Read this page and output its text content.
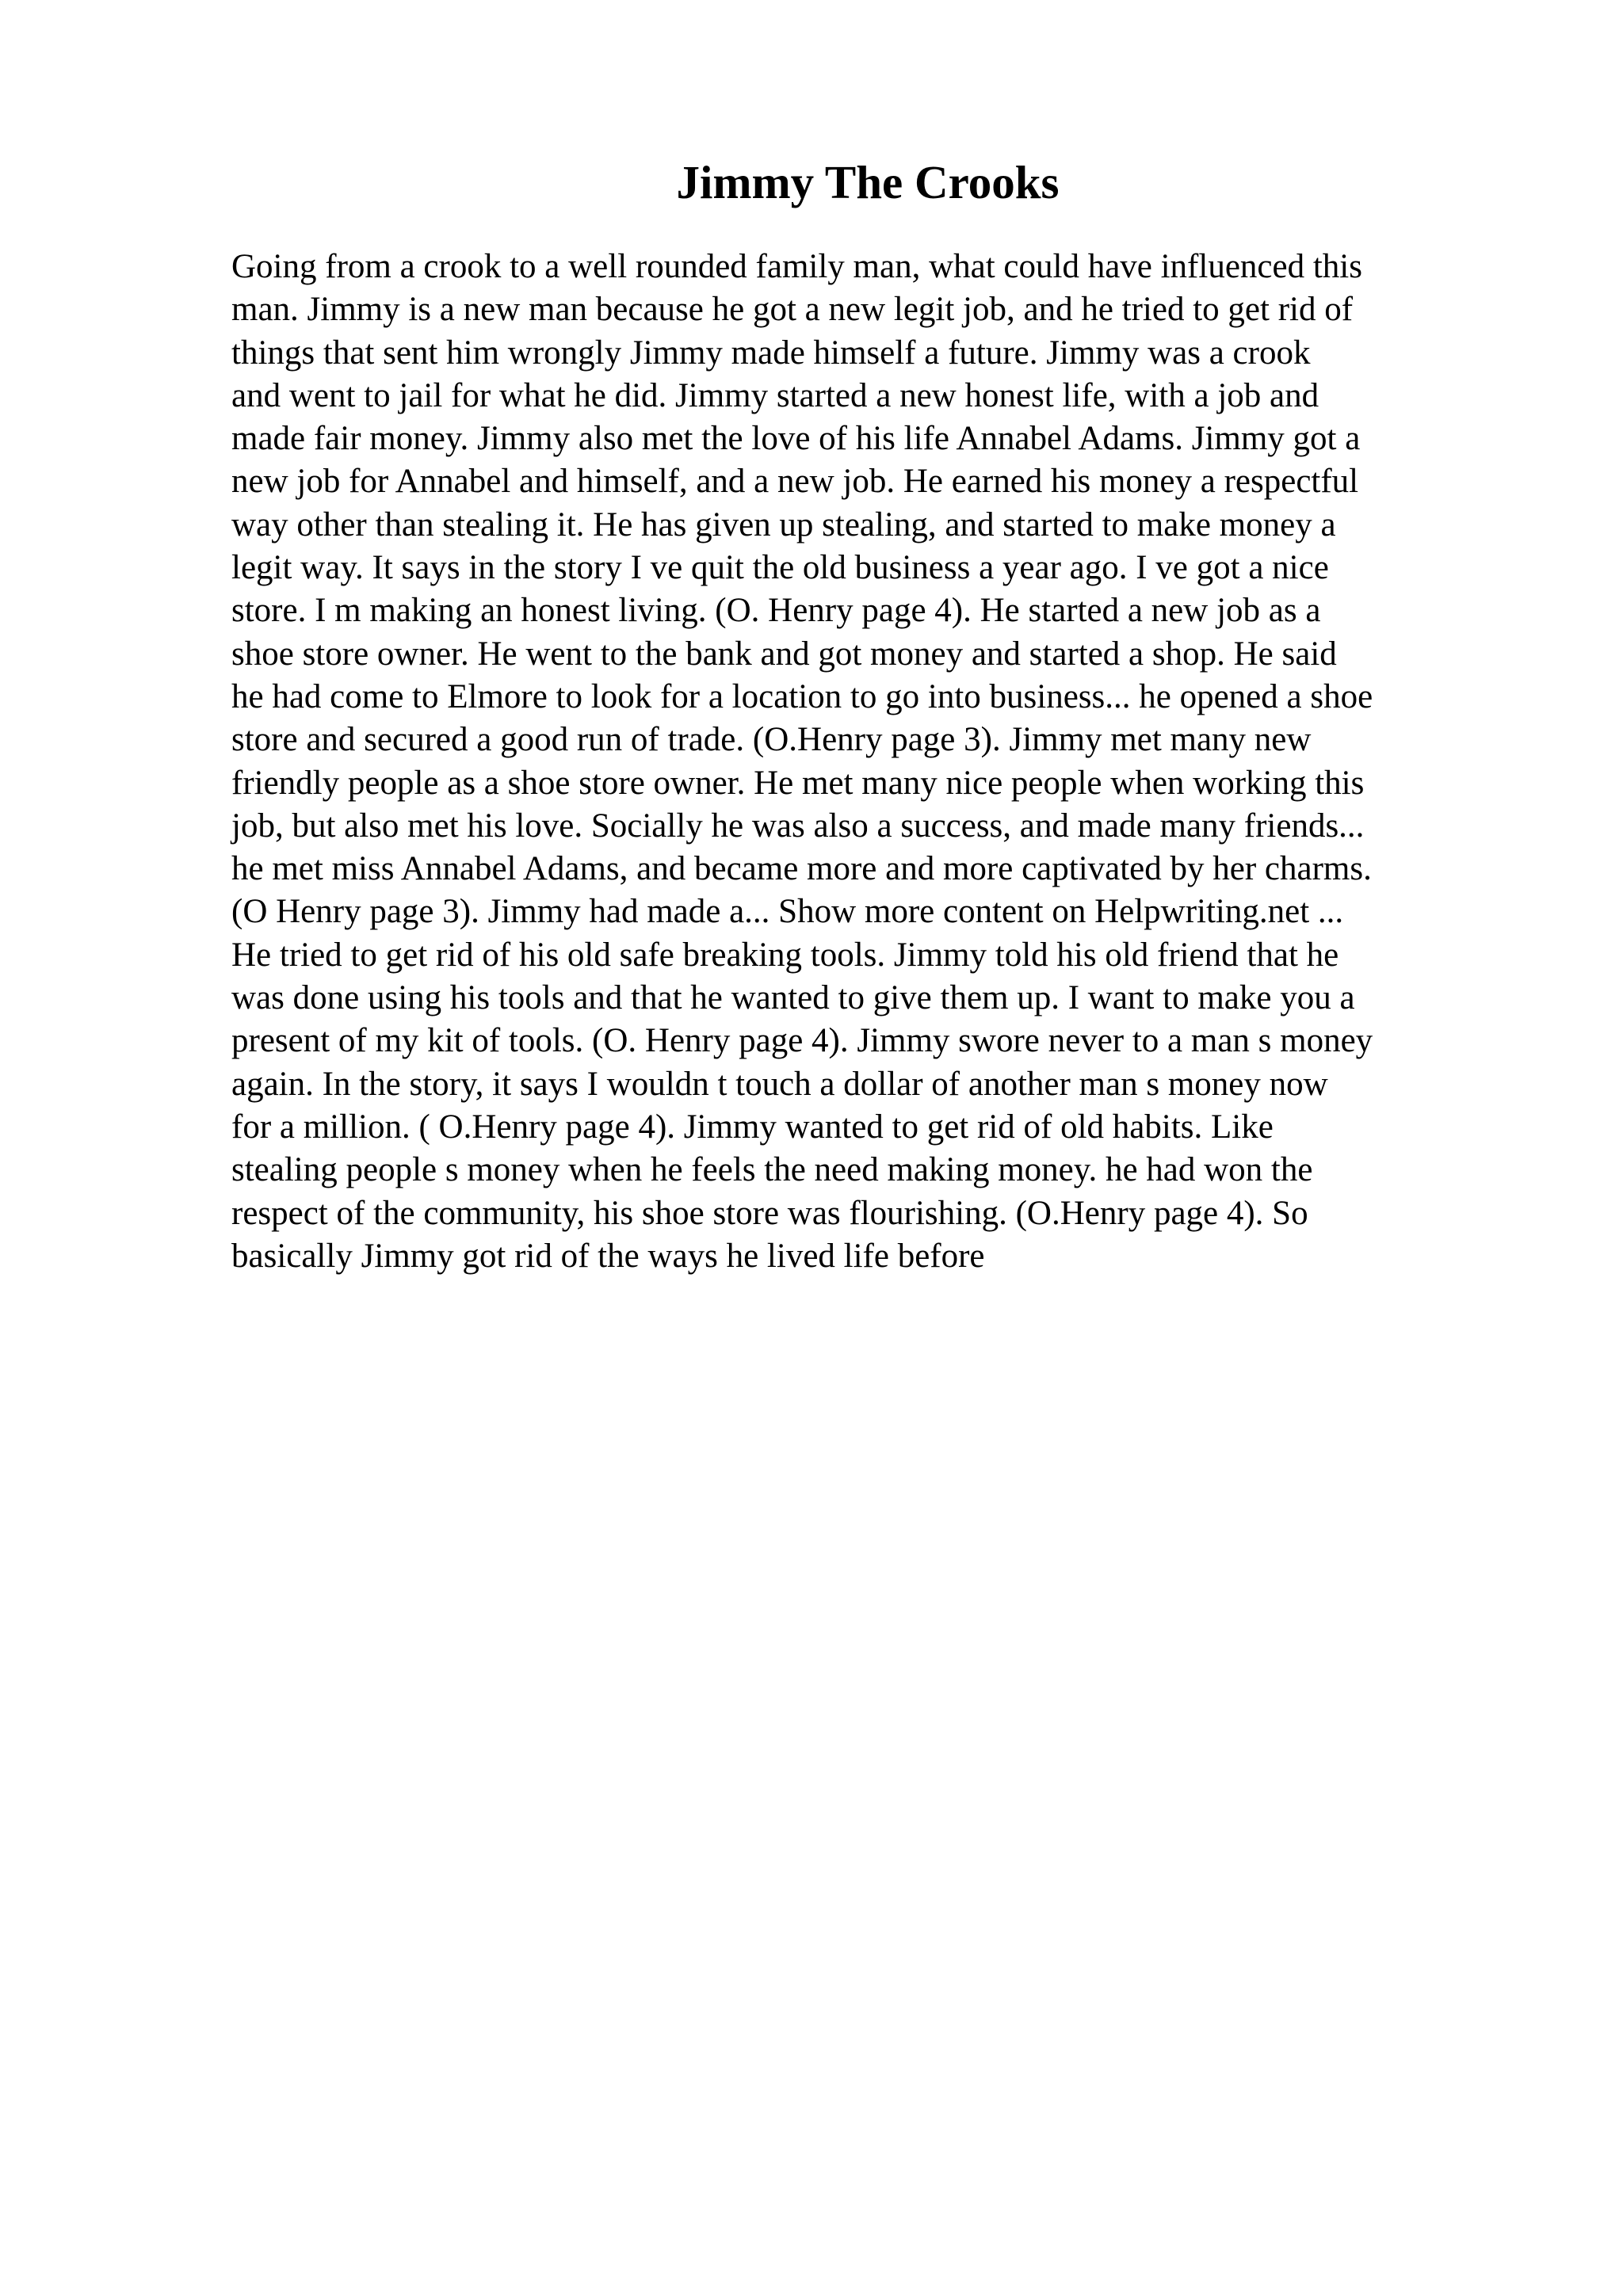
Jimmy The Crooks
Going from a crook to a well rounded family man, what could have influenced this
man. Jimmy is a new man because he got a new legit job, and he tried to get rid of
things that sent him wrongly Jimmy made himself a future. Jimmy was a crook
and went to jail for what he did. Jimmy started a new honest life, with a job and
made fair money. Jimmy also met the love of his life Annabel Adams. Jimmy got a
new job for Annabel and himself, and a new job. He earned his money a respectful
way other than stealing it. He has given up stealing, and started to make money a
legit way. It says in the story I ve quit the old business a year ago. I ve got a nice
store. I m making an honest living. (O. Henry page 4). He started a new job as a
shoe store owner. He went to the bank and got money and started a shop. He said
he had come to Elmore to look for a location to go into business... he opened a shoe
store and secured a good run of trade. (O.Henry page 3). Jimmy met many new
friendly people as a shoe store owner. He met many nice people when working this
job, but also met his love. Socially he was also a success, and made many friends...
he met miss Annabel Adams, and became more and more captivated by her charms.
(O Henry page 3). Jimmy had made a... Show more content on Helpwriting.net ...
He tried to get rid of his old safe breaking tools. Jimmy told his old friend that he
was done using his tools and that he wanted to give them up. I want to make you a
present of my kit of tools. (O. Henry page 4). Jimmy swore never to a man s money
again. In the story, it says I wouldn t touch a dollar of another man s money now
for a million. ( O.Henry page 4). Jimmy wanted to get rid of old habits. Like
stealing people s money when he feels the need making money. he had won the
respect of the community, his shoe store was flourishing. (O.Henry page 4). So
basically Jimmy got rid of the ways he lived life before
